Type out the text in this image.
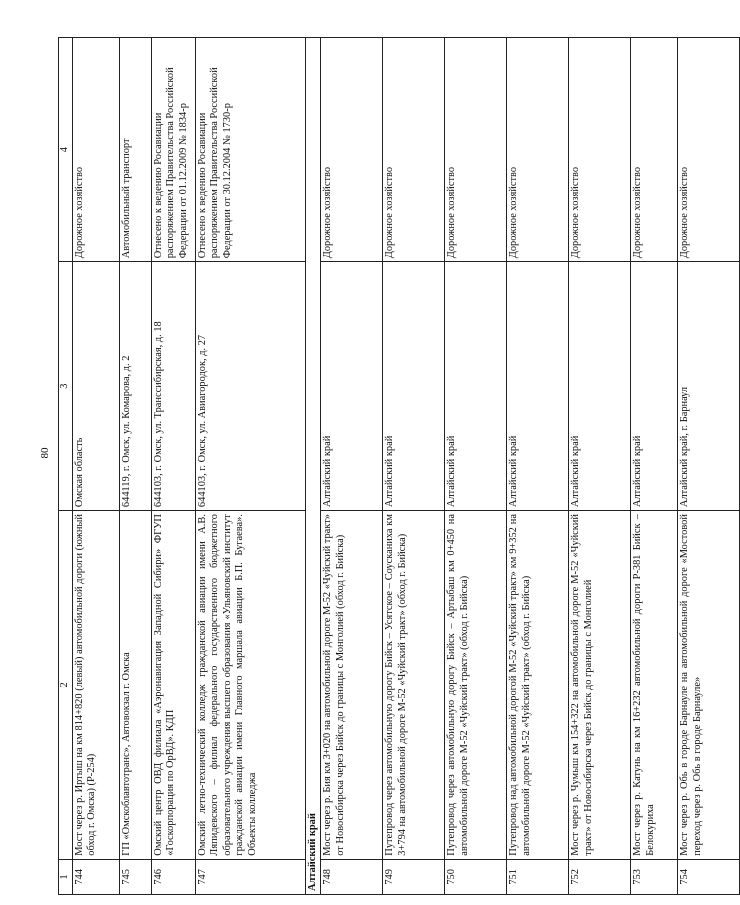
80
1	2	3	4
744	Мост через р. Иртыш на км 814+820 (левый) автомобильной дороги (южный обход г. Омска) (Р-254)	Омская область	Дорожное хозяйство
745	ГП «Омскоблавтотранс», Автовокзал г. Омска	644119, г. Омск, ул. Комарова, д. 2	Автомобильный транспорт
746	Омский центр ОВД филиала «Аэронавигация Западной Сибири» ФГУП «Госкорпорация по ОрВД». КДП	644103, г. Омск, ул. Транссибирская, д. 18	Отнесено к ведению Росавиации распоряжением Правительства Российской Федерации от 01.12.2009 № 1834-р
747	Омский летно-технический колледж гражданской авиации имени А.В. Ляпидевского – филиал федерального государственного бюджетного образовательного учреждения высшего образования «Ульяновский институт гражданской авиации имени Главного маршала авиации Б.П. Бугаева». Объекты колледжа	644103, г. Омск, ул. Авиагородок, д. 27	Отнесено к ведению Росавиации распоряжением Правительства Российской Федерации от 30.12.2004 № 1730-р
Алтайский край			
748	Мост через р. Бия км 3+020 на автомобильной дороге М-52 «Чуйский тракт» от Новосибирска через Бийск до границы с Монголией (обход г. Бийска)	Алтайский край	Дорожное хозяйство
749	Путепровод через автомобильную дорогу Бийск – Усятское – Соусканиха км 3+794 на автомобильной дороге М-52 «Чуйский тракт» (обход г. Бийска)	Алтайский край	Дорожное хозяйство
750	Путепровод через автомобильную дорогу Бийск – Артыбаш км 0+450 на автомобильной дороге М-52 «Чуйский тракт» (обход г. Бийска)	Алтайский край	Дорожное хозяйство
751	Путепровод над автомобильной дорогой М-52 «Чуйский тракт» км 9+352 на автомобильной дороге М-52 «Чуйский тракт» (обход г. Бийска)	Алтайский край	Дорожное хозяйство
752	Мост через р. Чумыш км 154+322 на автомобильной дороге М-52 «Чуйский тракт» от Новосибирска через Бийск до границы с Монголией	Алтайский край	Дорожное хозяйство
753	Мост через р. Катунь на км 16+232 автомобильной дороги Р-381 Бийск – Белокуриха	Алтайский край	Дорожное хозяйство
754	Мост через р. Обь в городе Барнауле на автомобильной дороге «Мостовой переход через р. Обь в городе Барнауле»	Алтайский край, г. Барнаул	Дорожное хозяйство
